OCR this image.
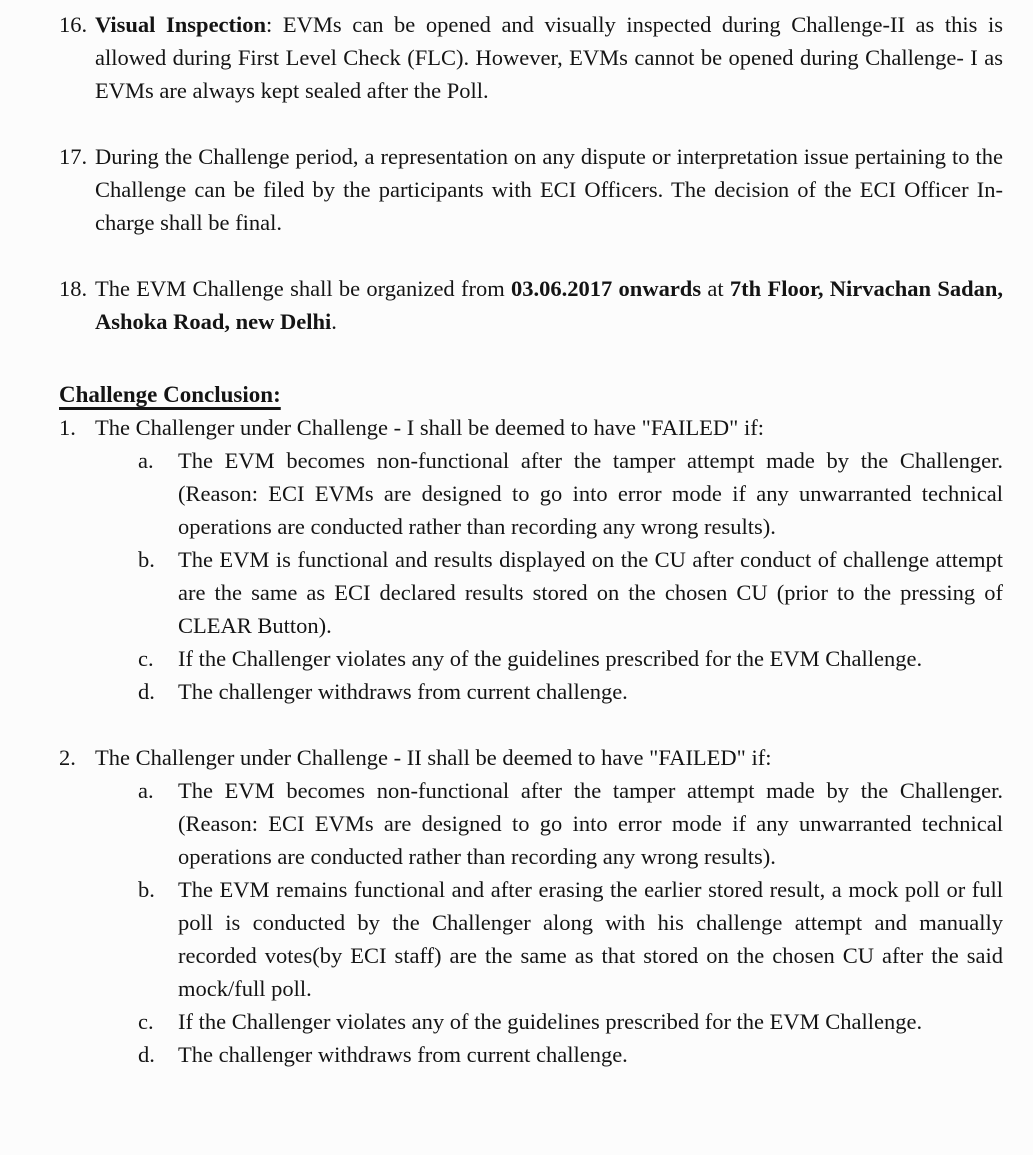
16. Visual Inspection: EVMs can be opened and visually inspected during Challenge-II as this is allowed during First Level Check (FLC). However, EVMs cannot be opened during Challenge- I as EVMs are always kept sealed after the Poll.
17. During the Challenge period, a representation on any dispute or interpretation issue pertaining to the Challenge can be filed by the participants with ECI Officers. The decision of the ECI Officer In-charge shall be final.
18. The EVM Challenge shall be organized from 03.06.2017 onwards at 7th Floor, Nirvachan Sadan, Ashoka Road, new Delhi.
Challenge Conclusion:
1. The Challenger under Challenge - I shall be deemed to have "FAILED" if:
a.	The EVM becomes non-functional after the tamper attempt made by the Challenger. (Reason: ECI EVMs are designed to go into error mode if any unwarranted technical operations are conducted rather than recording any wrong results).
b.	The EVM is functional and results displayed on the CU after conduct of challenge attempt are the same as ECI declared results stored on the chosen CU (prior to the pressing of CLEAR Button).
c.	If the Challenger violates any of the guidelines prescribed for the EVM Challenge.
d.	The challenger withdraws from current challenge.
2. The Challenger under Challenge - II shall be deemed to have "FAILED" if:
a.	The EVM becomes non-functional after the tamper attempt made by the Challenger. (Reason: ECI EVMs are designed to go into error mode if any unwarranted technical operations are conducted rather than recording any wrong results).
b.	The EVM remains functional and after erasing the earlier stored result, a mock poll or full poll is conducted by the Challenger along with his challenge attempt and manually recorded votes(by ECI staff) are the same as that stored on the chosen CU after the said mock/full poll.
c.	If the Challenger violates any of the guidelines prescribed for the EVM Challenge.
d.	The challenger withdraws from current challenge.
